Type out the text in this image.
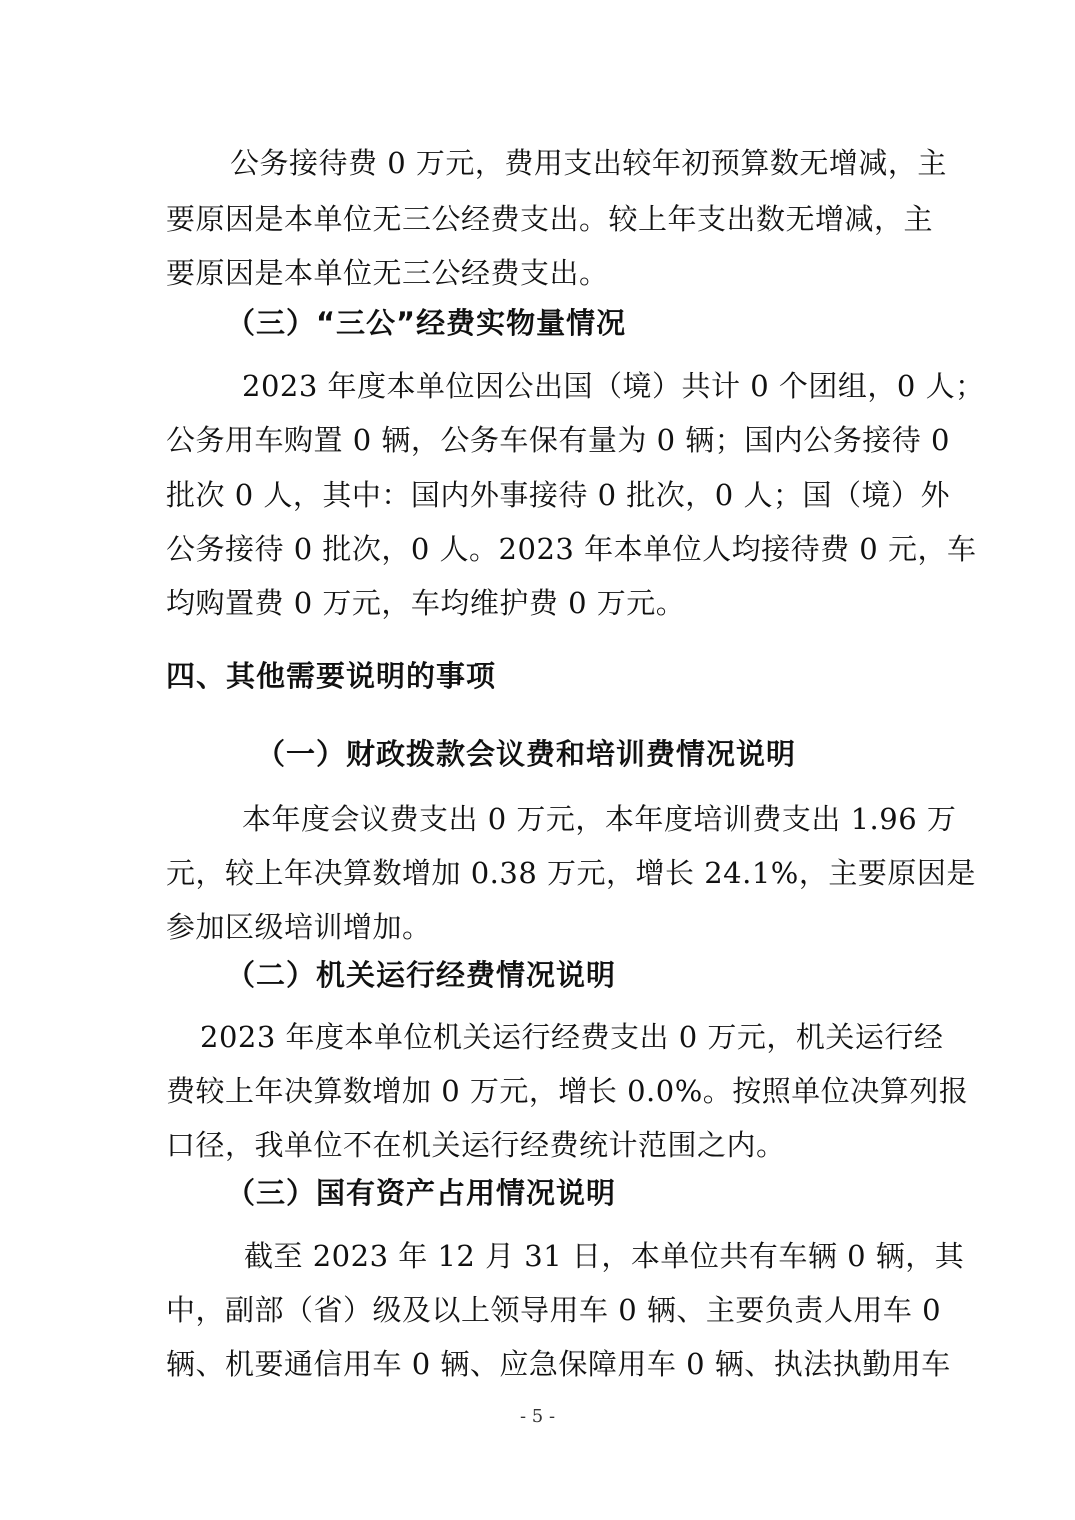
公务接待费 0 万元，费用支出较年初预算数无增减，主
要原因是本单位无三公经费支出。较上年支出数无增减，主
要原因是本单位无三公经费支出。
（三）“三公”经费实物量情况
2023 年度本单位因公出国（境）共计 0 个团组，0 人；
公务用车购置 0 辆，公务车保有量为 0 辆；国内公务接待 0
批次 0 人，其中：国内外事接待 0 批次，0 人；国（境）外
公务接待 0 批次，0 人。2023 年本单位人均接待费 0 元，车
均购置费 0 万元，车均维护费 0 万元。
四、其他需要说明的事项
（一）财政拨款会议费和培训费情况说明
本年度会议费支出 0 万元，本年度培训费支出 1.96 万
元，较上年决算数增加 0.38 万元，增长 24.1%，主要原因是
参加区级培训增加。
（二）机关运行经费情况说明
2023 年度本单位机关运行经费支出 0 万元，机关运行经
费较上年决算数增加 0 万元，增长 0.0%。按照单位决算列报
口径，我单位不在机关运行经费统计范围之内。
（三）国有资产占用情况说明
截至 2023 年 12 月 31 日，本单位共有车辆 0 辆，其
中，副部（省）级及以上领导用车 0 辆、主要负责人用车 0
辆、机要通信用车 0 辆、应急保障用车 0 辆、执法执勤用车
- 5 -
